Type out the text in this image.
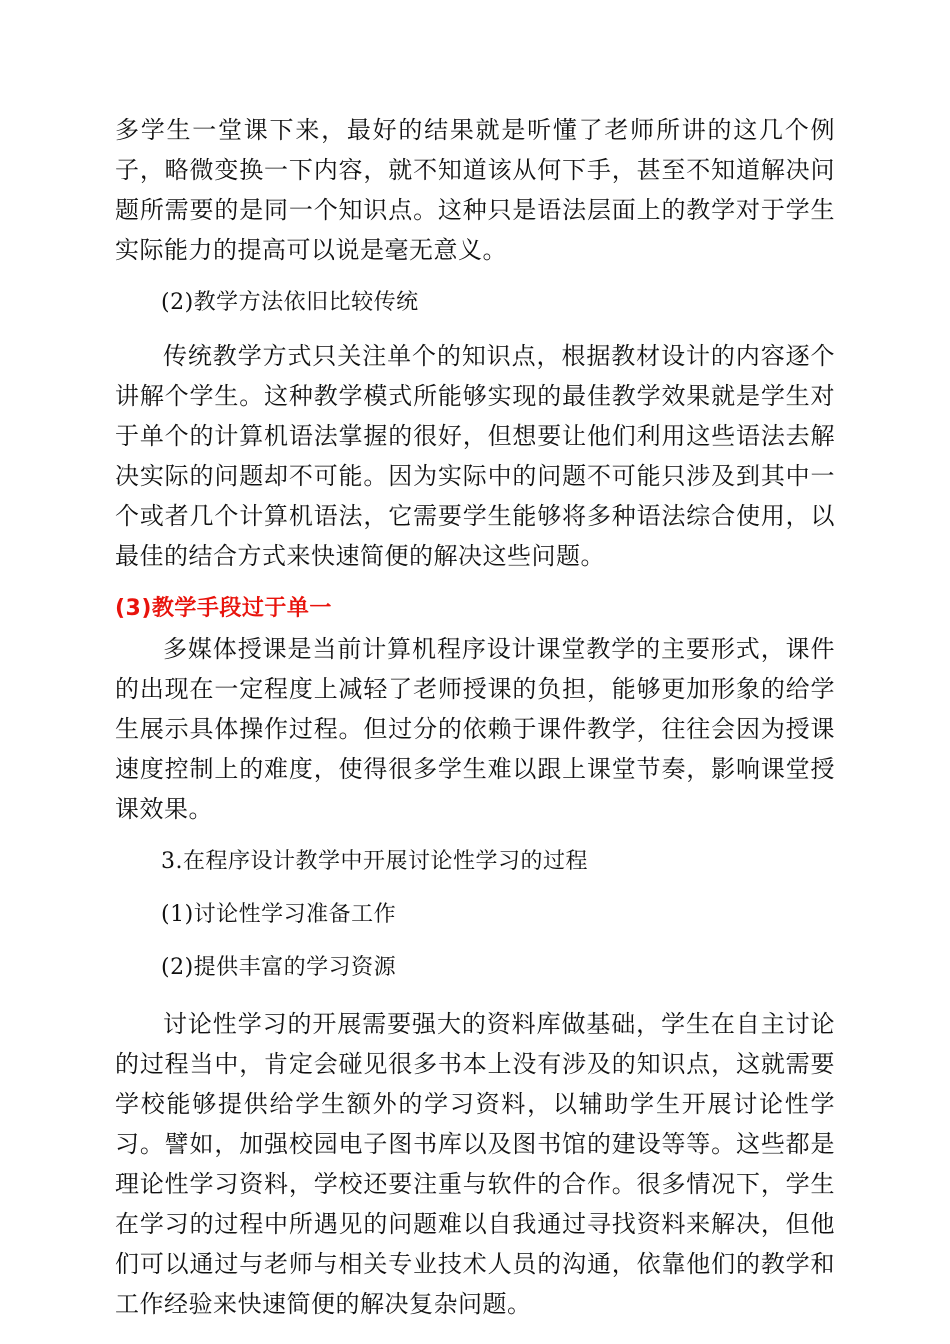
多学生一堂课下来，最好的结果就是听懂了老师所讲的这几个例子，略微变换一下内容，就不知道该从何下手，甚至不知道解决问题所需要的是同一个知识点。这种只是语法层面上的教学对于学生实际能力的提高可以说是毫无意义。

(2)教学方法依旧比较传统

传统教学方式只关注单个的知识点，根据教材设计的内容逐个讲解个学生。这种教学模式所能够实现的最佳教学效果就是学生对于单个的计算机语法掌握的很好，但想要让他们利用这些语法去解决实际的问题却不可能。因为实际中的问题不可能只涉及到其中一个或者几个计算机语法，它需要学生能够将多种语法综合使用，以最佳的结合方式来快速简便的解决这些问题。

(3)教学手段过于单一

多媒体授课是当前计算机程序设计课堂教学的主要形式，课件的出现在一定程度上减轻了老师授课的负担，能够更加形象的给学生展示具体操作过程。但过分的依赖于课件教学，往往会因为授课速度控制上的难度，使得很多学生难以跟上课堂节奏，影响课堂授课效果。

3.在程序设计教学中开展讨论性学习的过程

(1)讨论性学习准备工作

(2)提供丰富的学习资源

讨论性学习的开展需要强大的资料库做基础，学生在自主讨论的过程当中，肯定会碰见很多书本上没有涉及的知识点，这就需要学校能够提供给学生额外的学习资料，以辅助学生开展讨论性学习。譬如，加强校园电子图书库以及图书馆的建设等等。这些都是理论性学习资料，学校还要注重与软件的合作。很多情况下，学生在学习的过程中所遇见的问题难以自我通过寻找资料来解决，但他们可以通过与老师与相关专业技术人员的沟通，依靠他们的教学和工作经验来快速简便的解决复杂问题。
